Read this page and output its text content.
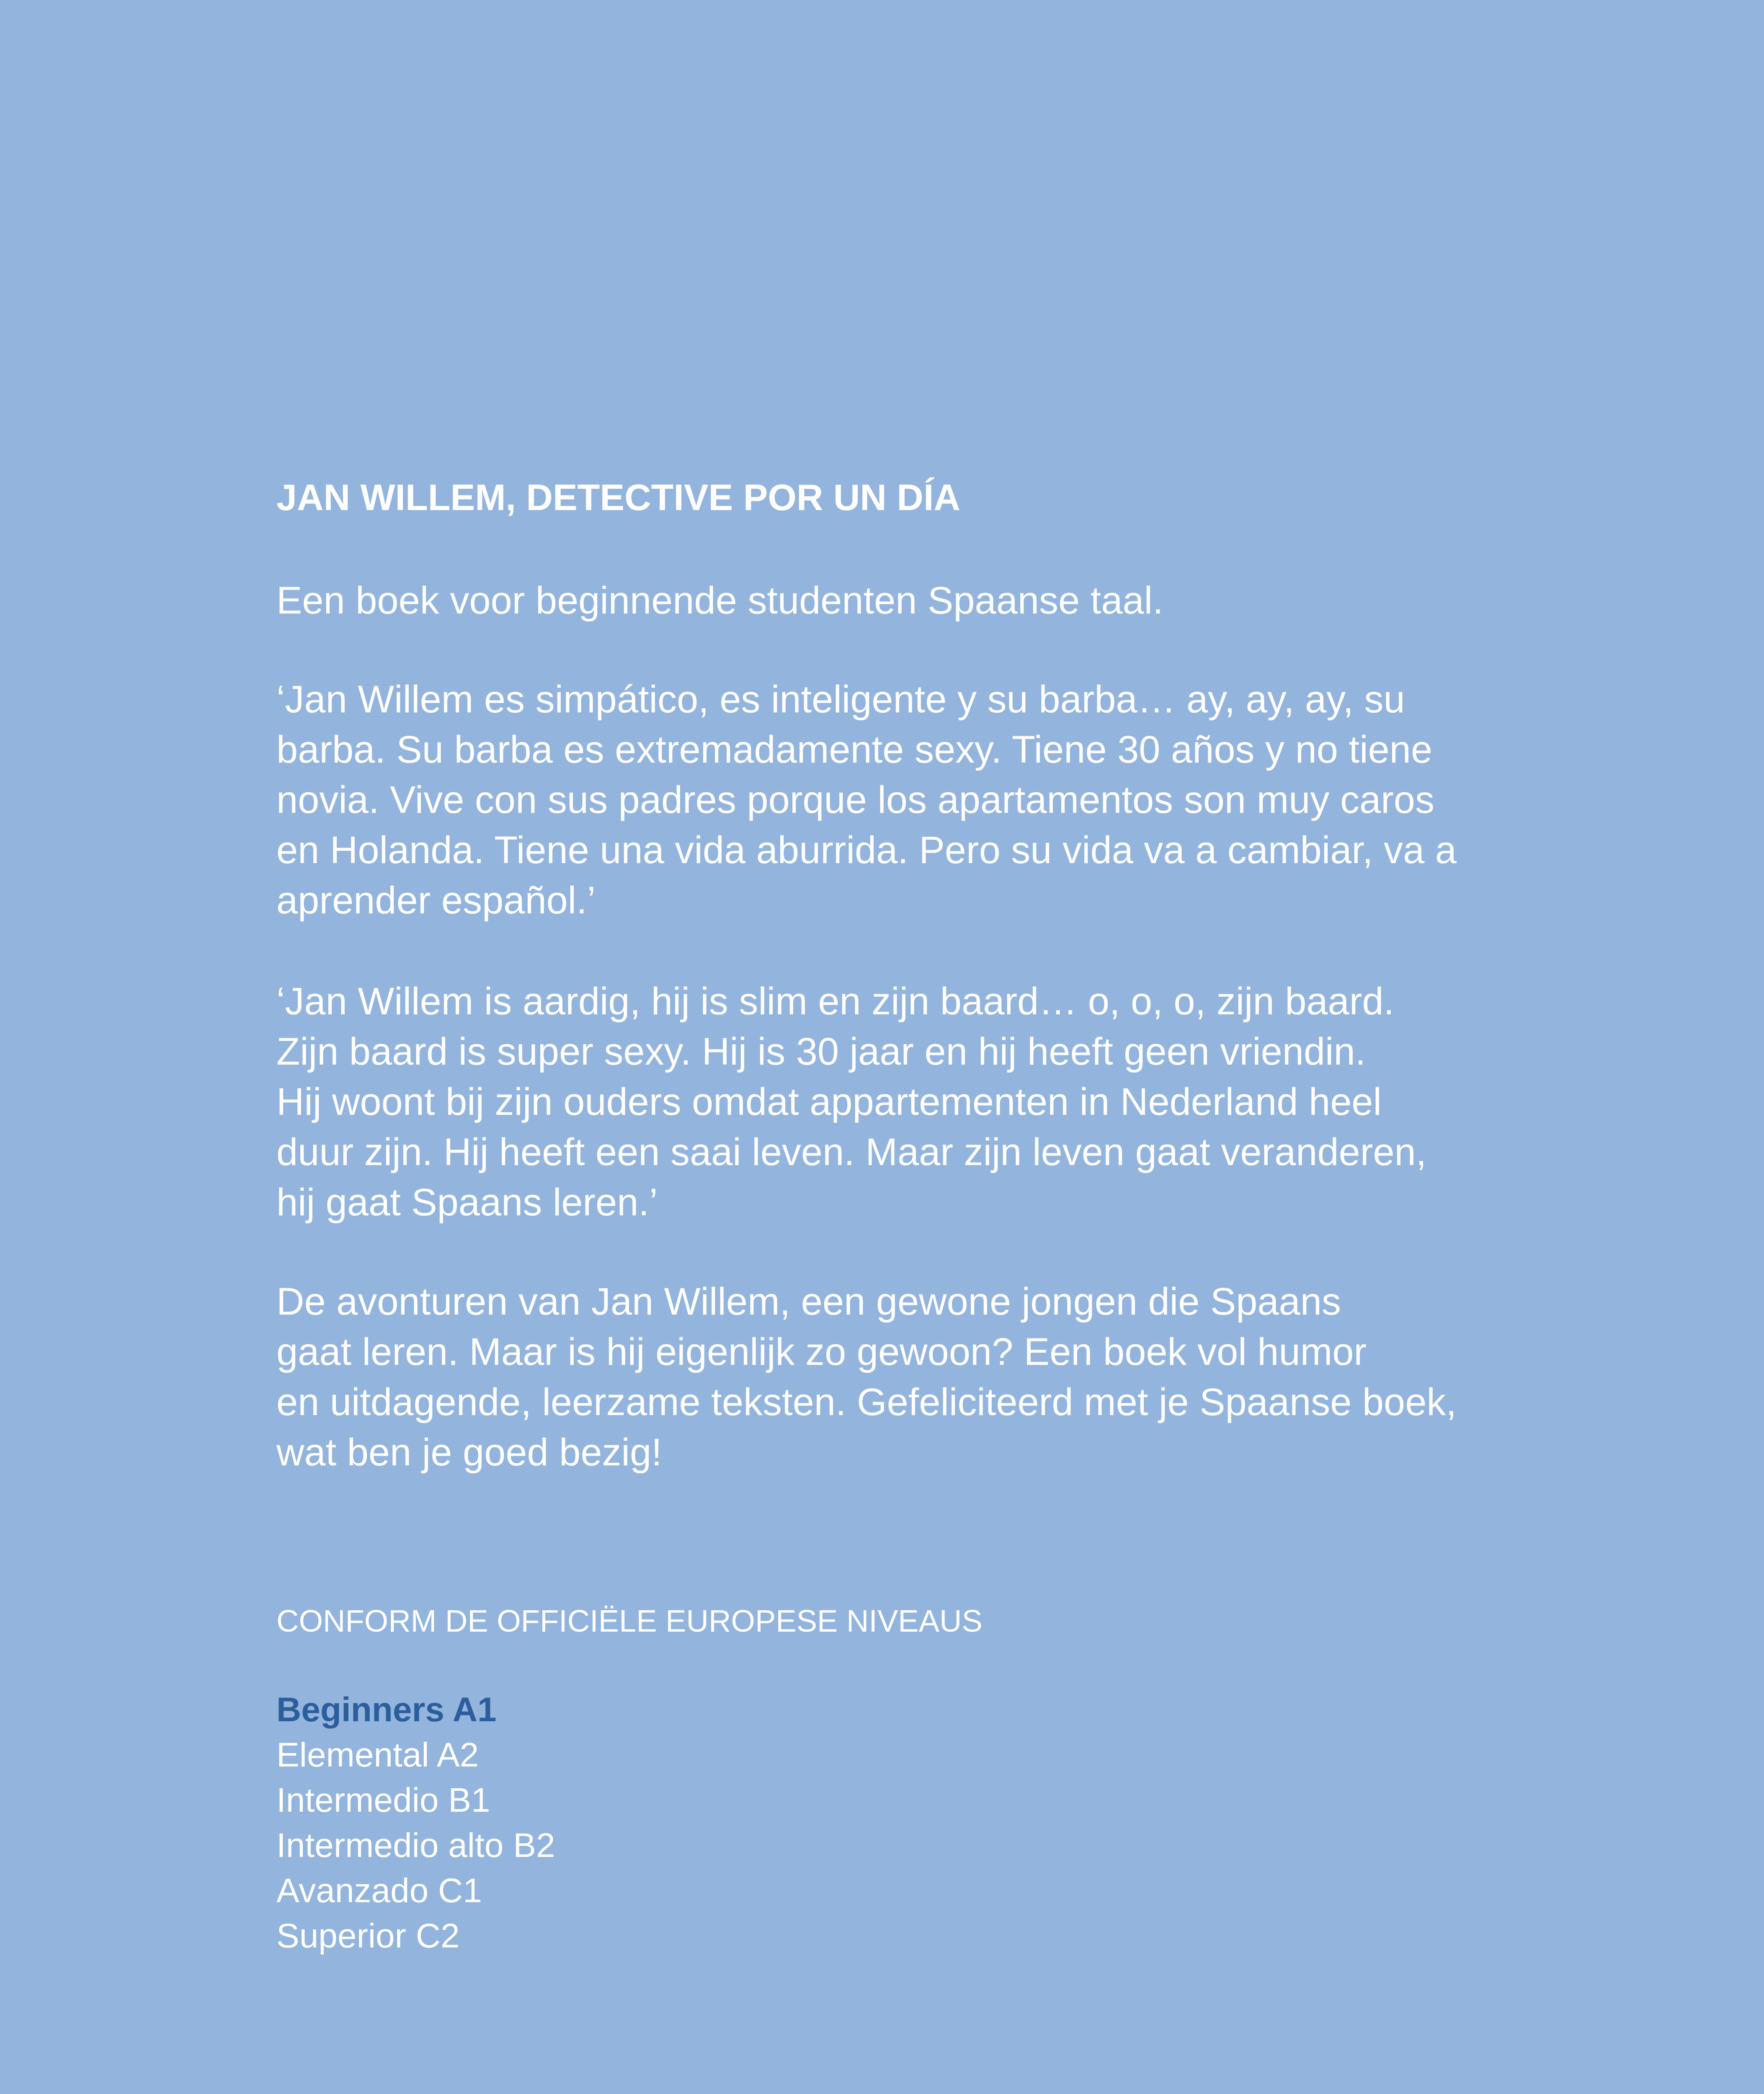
JAN WILLEM, DETECTIVE POR UN DÍA
Een boek voor beginnende studenten Spaanse taal.
‘Jan Willem es simpático, es inteligente y su barba… ay, ay, ay, su
barba. Su barba es extremadamente sexy. Tiene 30 años y no tiene
novia. Vive con sus padres porque los apartamentos son muy caros
en Holanda. Tiene una vida aburrida. Pero su vida va a cambiar, va a
aprender español.’
‘Jan Willem is aardig, hij is slim en zijn baard… o, o, o, zijn baard.
Zijn baard is super sexy. Hij is 30 jaar en hij heeft geen vriendin.
Hij woont bij zijn ouders omdat appartementen in Nederland heel
duur zijn. Hij heeft een saai leven. Maar zijn leven gaat veranderen,
hij gaat Spaans leren.’
De avonturen van Jan Willem, een gewone jongen die Spaans
gaat leren. Maar is hij eigenlijk zo gewoon? Een boek vol humor
en uitdagende, leerzame teksten. Gefeliciteerd met je Spaanse boek,
wat ben je goed bezig!
CONFORM DE OFFICIËLE EUROPESE NIVEAUS
Beginners A1
Elemental A2
Intermedio B1
Intermedio alto B2
Avanzado C1
Superior C2
